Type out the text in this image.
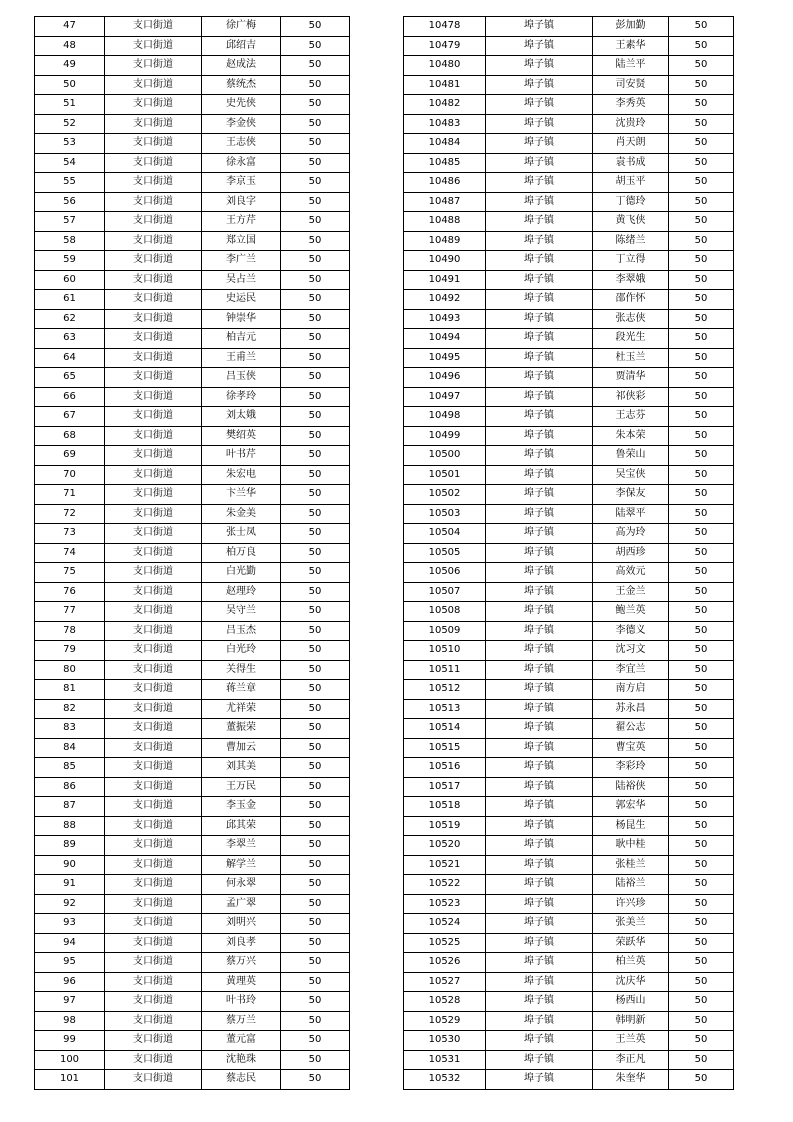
47	支口街道	徐广梅	50
48	支口街道	邱绍吉	50
49	支口街道	赵成法	50
50	支口街道	蔡统杰	50
51	支口街道	史先侠	50
52	支口街道	李金侠	50
53	支口街道	王志侠	50
54	支口街道	徐永富	50
55	支口街道	李京玉	50
56	支口街道	刘良字	50
57	支口街道	王方芹	50
58	支口街道	郑立国	50
59	支口街道	李广兰	50
60	支口街道	吴占兰	50
61	支口街道	史运民	50
62	支口街道	钟崇华	50
63	支口街道	柏吉元	50
64	支口街道	王甫兰	50
65	支口街道	吕玉侠	50
66	支口街道	徐孝玲	50
67	支口街道	刘太娥	50
68	支口街道	樊绍英	50
69	支口街道	叶书芹	50
70	支口街道	朱宏电	50
71	支口街道	卞兰华	50
72	支口街道	朱金美	50
73	支口街道	张士凤	50
74	支口街道	柏万良	50
75	支口街道	白光勤	50
76	支口街道	赵理玲	50
77	支口街道	吴守兰	50
78	支口街道	吕玉杰	50
79	支口街道	白光玲	50
80	支口街道	关得生	50
81	支口街道	蒋兰章	50
82	支口街道	尤祥荣	50
83	支口街道	董振荣	50
84	支口街道	曹加云	50
85	支口街道	刘其美	50
86	支口街道	王万民	50
87	支口街道	李玉金	50
88	支口街道	邱其荣	50
89	支口街道	李翠兰	50
90	支口街道	解学兰	50
91	支口街道	何永翠	50
92	支口街道	孟广翠	50
93	支口街道	刘明兴	50
94	支口街道	刘良孝	50
95	支口街道	蔡万兴	50
96	支口街道	黄理英	50
97	支口街道	叶书玲	50
98	支口街道	蔡万兰	50
99	支口街道	董元富	50
100	支口街道	沈艳珠	50
101	支口街道	蔡志民	50
10478	埠子镇	彭加勤	50
10479	埠子镇	王素华	50
10480	埠子镇	陆兰平	50
10481	埠子镇	司安贤	50
10482	埠子镇	李秀英	50
10483	埠子镇	沈贵玲	50
10484	埠子镇	肖天朗	50
10485	埠子镇	袁书成	50
10486	埠子镇	胡玉平	50
10487	埠子镇	丁德玲	50
10488	埠子镇	黄飞侠	50
10489	埠子镇	陈绪兰	50
10490	埠子镇	丁立得	50
10491	埠子镇	李翠娥	50
10492	埠子镇	邵作怀	50
10493	埠子镇	张志侠	50
10494	埠子镇	段光生	50
10495	埠子镇	杜玉兰	50
10496	埠子镇	贾清华	50
10497	埠子镇	祁侠彩	50
10498	埠子镇	王志芬	50
10499	埠子镇	朱本荣	50
10500	埠子镇	鲁荣山	50
10501	埠子镇	吴宝侠	50
10502	埠子镇	李保友	50
10503	埠子镇	陆翠平	50
10504	埠子镇	高为玲	50
10505	埠子镇	胡西珍	50
10506	埠子镇	高效元	50
10507	埠子镇	王金兰	50
10508	埠子镇	鲍兰英	50
10509	埠子镇	李德义	50
10510	埠子镇	沈习文	50
10511	埠子镇	李宜兰	50
10512	埠子镇	南方启	50
10513	埠子镇	苏永昌	50
10514	埠子镇	翟公志	50
10515	埠子镇	曹宝英	50
10516	埠子镇	李彩玲	50
10517	埠子镇	陆裕侠	50
10518	埠子镇	郭宏华	50
10519	埠子镇	杨昆生	50
10520	埠子镇	耿中桂	50
10521	埠子镇	张桂兰	50
10522	埠子镇	陆裕兰	50
10523	埠子镇	许兴珍	50
10524	埠子镇	张美兰	50
10525	埠子镇	荣跃华	50
10526	埠子镇	柏兰英	50
10527	埠子镇	沈庆华	50
10528	埠子镇	杨西山	50
10529	埠子镇	韩明新	50
10530	埠子镇	王兰英	50
10531	埠子镇	李正凡	50
10532	埠子镇	朱奎华	50
